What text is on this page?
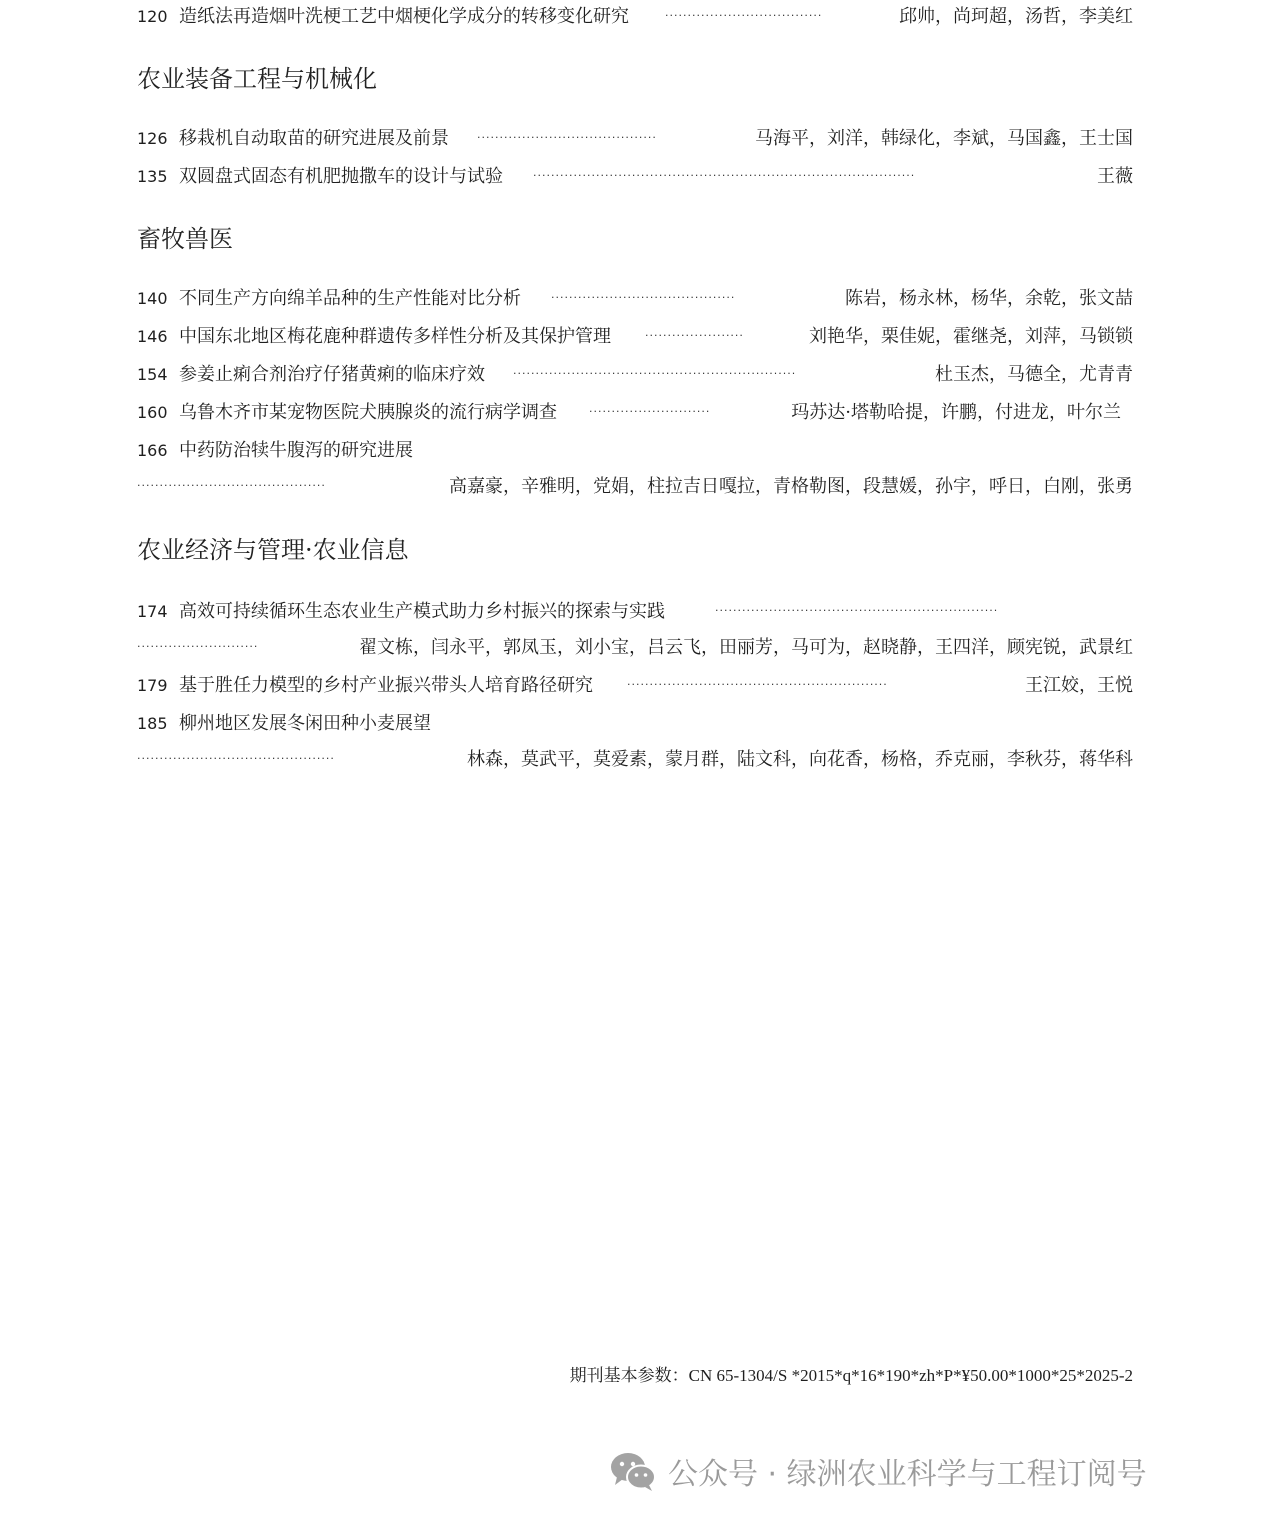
120 造纸法再造烟叶洗梗工艺中烟梗化学成分的转移变化研究	...................................	邱帅，尚珂超，汤哲，李美红
农业装备工程与机械化
126 移栽机自动取苗的研究进展及前景	........................................	马海平，刘洋，韩绿化，李斌，马国鑫，王士国
135 双圆盘式固态有机肥抛撒车的设计与试验	.....................................................................................	王薇
畜牧兽医
140 不同生产方向绵羊品种的生产性能对比分析	.........................................	陈岩，杨永林，杨华，余乾，张文喆
146 中国东北地区梅花鹿种群遗传多样性分析及其保护管理	......................	刘艳华，栗佳妮，霍继尧，刘萍，马锁锁
154 参姜止痢合剂治疗仔猪黄痢的临床疗效	...............................................................	杜玉杰，马德全，尤青青
160 乌鲁木齐市某宠物医院犬胰腺炎的流行病学调查	...........................	玛苏达·塔勒哈提，许鹏，付进龙，叶尔兰
166 中药防治犊牛腹泻的研究进展
..........................................	高嘉豪，辛雅明，党娟，柱拉吉日嘎拉，青格勒图，段慧媛，孙宇，呼日，白刚，张勇
农业经济与管理·农业信息
174 高效可持续循环生态农业生产模式助力乡村振兴的探索与实践	...............................................................
...........................	翟文栋，闫永平，郭凤玉，刘小宝，吕云飞，田丽芳，马可为，赵晓静，王四洋，顾宪锐，武景红
179 基于胜任力模型的乡村产业振兴带头人培育路径研究	..........................................................	王江姣，王悦
185 柳州地区发展冬闲田种小麦展望
............................................	林森，莫武平，莫爱素，蒙月群，陆文科，向花香，杨格，乔克丽，李秋芬，蒋华科
期刊基本参数：CN 65-1304/S *2015*q*16*190*zh*P*¥50.00*1000*25*2025-2
公众号 · 绿洲农业科学与工程订阅号
